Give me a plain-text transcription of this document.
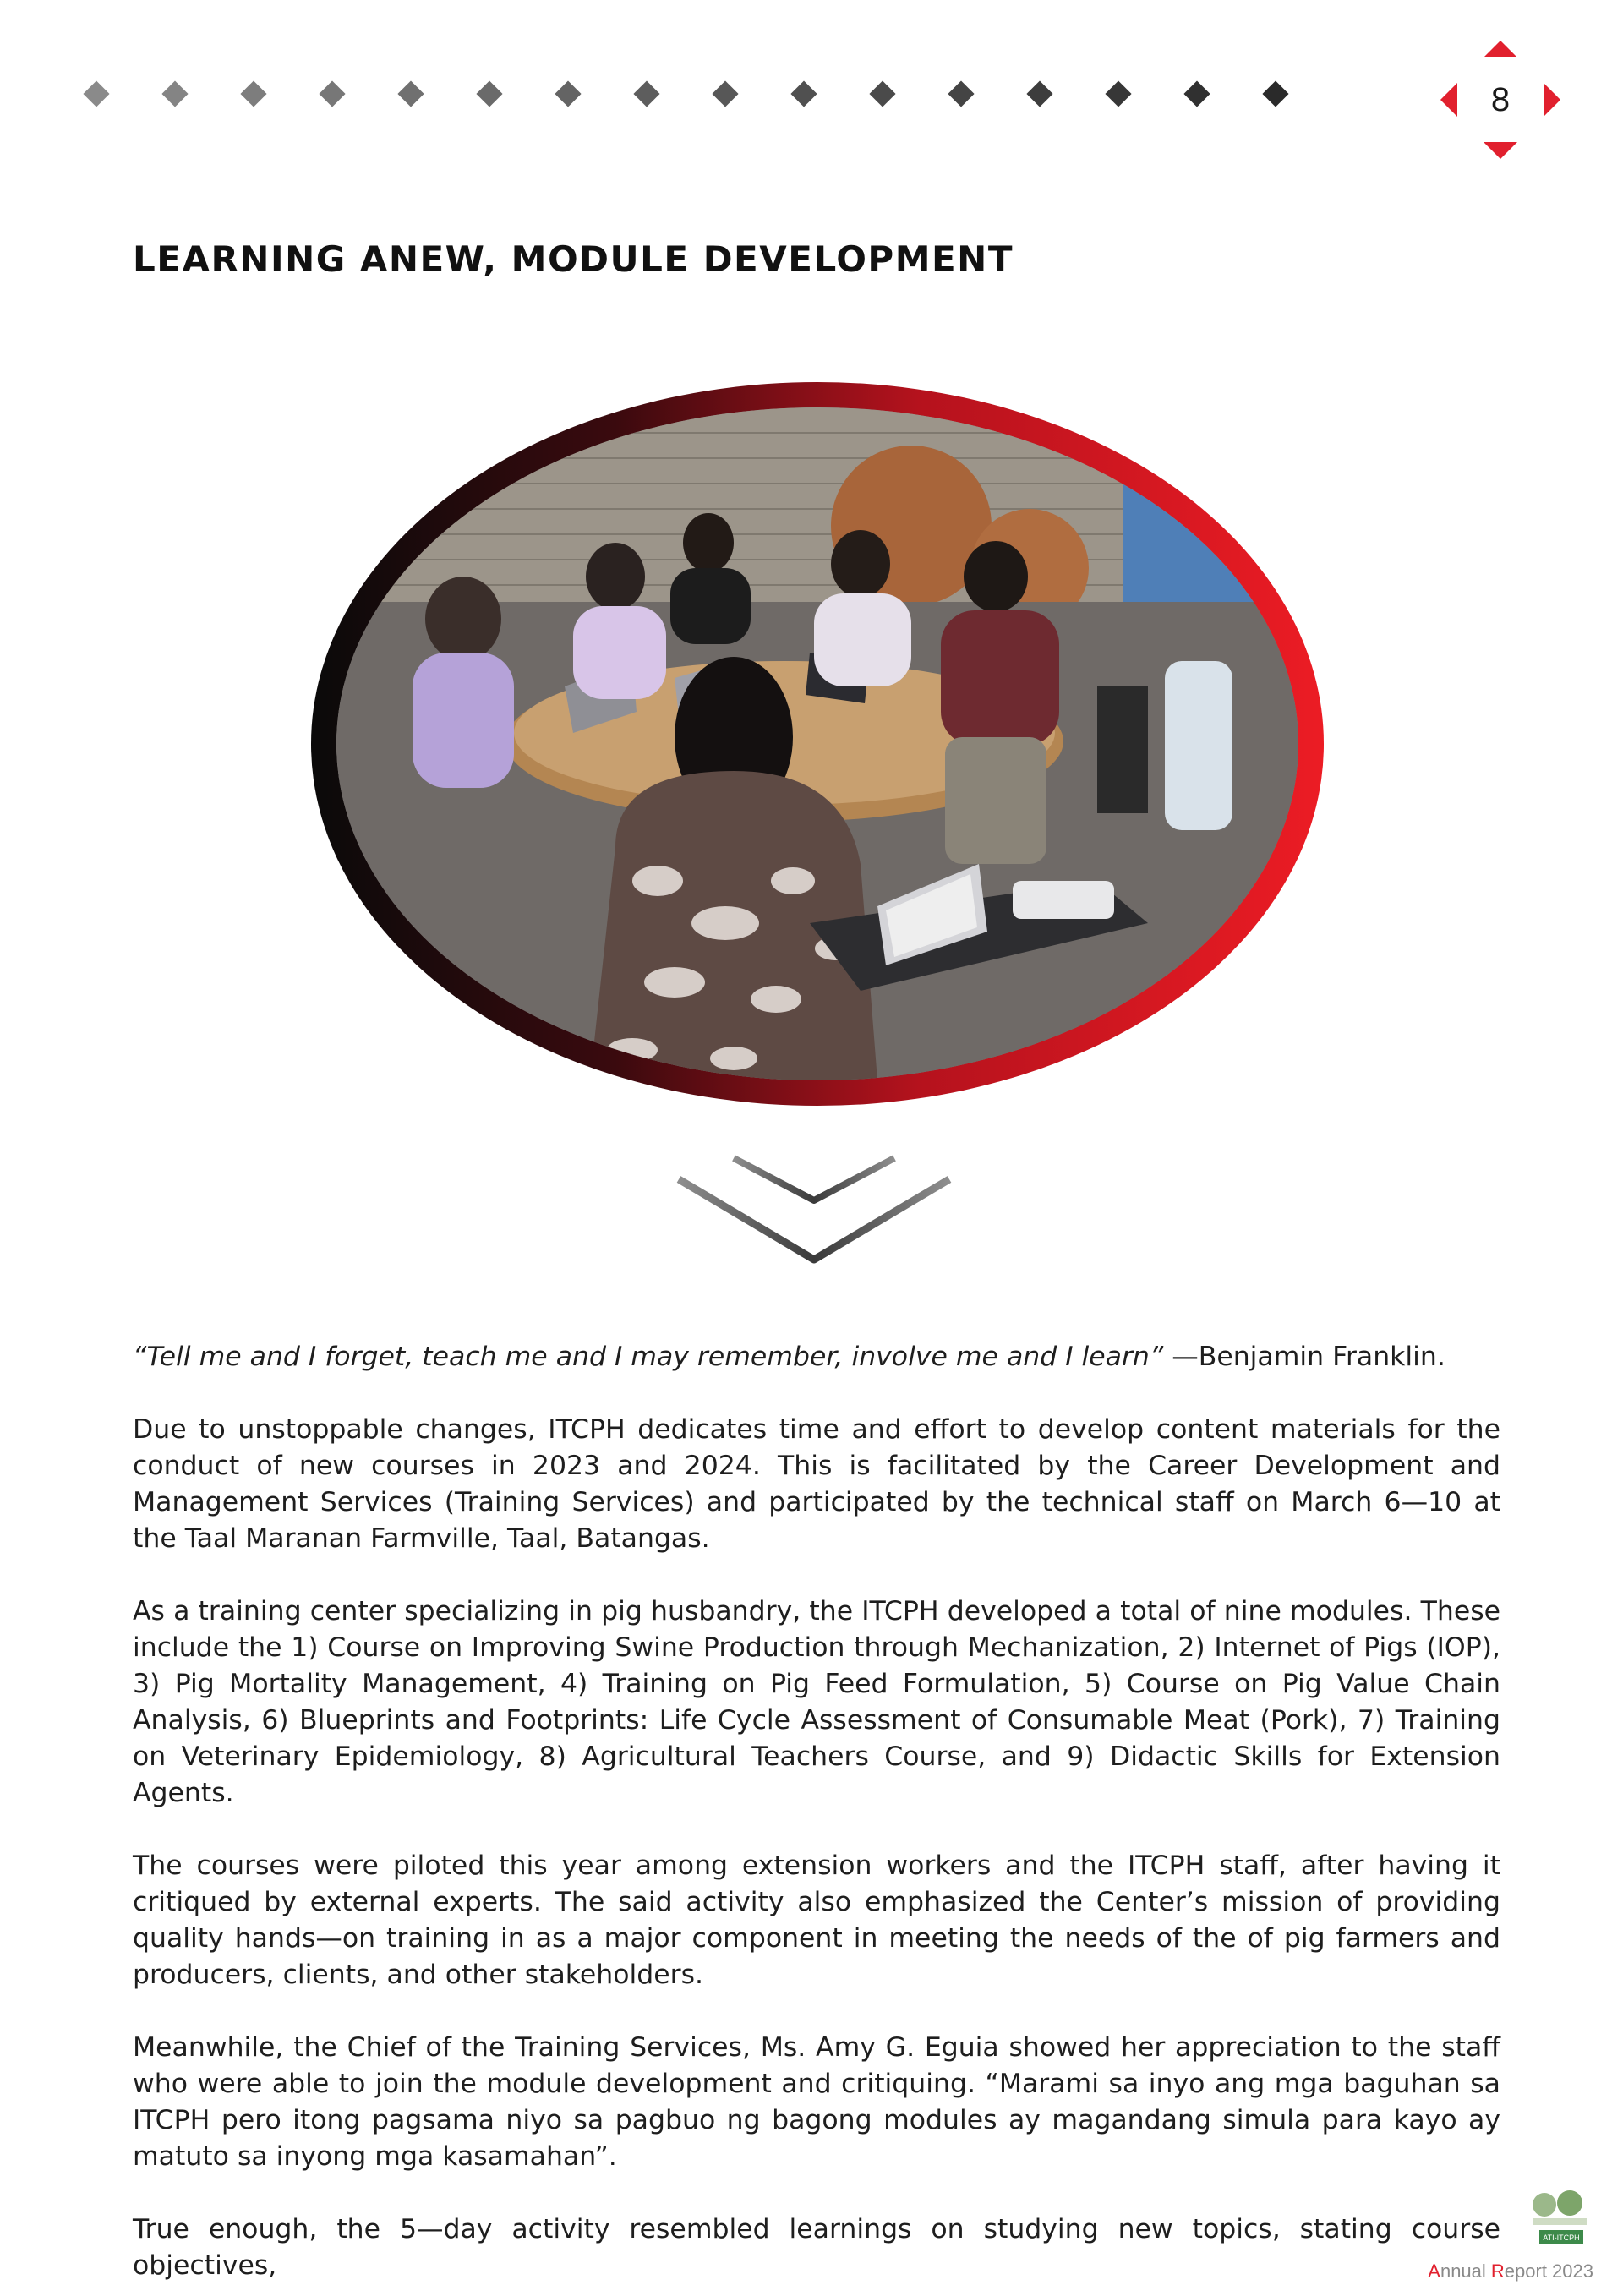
8
LEARNING ANEW, MODULE DEVELOPMENT

“Tell me and I forget, teach me and I may remember, involve me and I learn” —Benjamin Franklin.

Due to unstoppable changes, ITCPH dedicates time and effort to develop content materials for the conduct of new courses in 2023 and 2024. This is facilitated by the Career Development and Management Services (Training Services) and participated by the technical staff on March 6—10 at the Taal Maranan Farmville, Taal, Batangas.

As a training center specializing in pig husbandry, the ITCPH developed a total of nine modules. These include the 1) Course on Improving Swine Production through Mechanization, 2) Internet of Pigs (IOP), 3) Pig Mortality Management, 4) Training on Pig Feed Formulation, 5) Course on Pig Value Chain Analysis, 6) Blueprints and Footprints: Life Cycle Assessment of Consumable Meat (Pork), 7) Training on Veterinary Epidemiology, 8) Agricultural Teachers Course, and 9) Didactic Skills for Extension Agents.

The courses were piloted this year among extension workers and the ITCPH staff, after having it critiqued by external experts. The said activity also emphasized the Center’s mission of providing quality hands—on training in as a major component in meeting the needs of the of pig farmers and producers, clients, and other stakeholders.

Meanwhile, the Chief of the Training Services, Ms. Amy G. Eguia showed her appreciation to the staff who were able to join the module development and critiquing. “Marami sa inyo ang mga baguhan sa ITCPH pero itong pagsama niyo sa pagbuo ng bagong modules ay magandang simula para kayo ay matuto sa inyong mga kasamahan”.

True enough, the 5—day activity resembled learnings on studying new topics, stating course objectives,

ATI-ITCPH
Annual Report 2023
